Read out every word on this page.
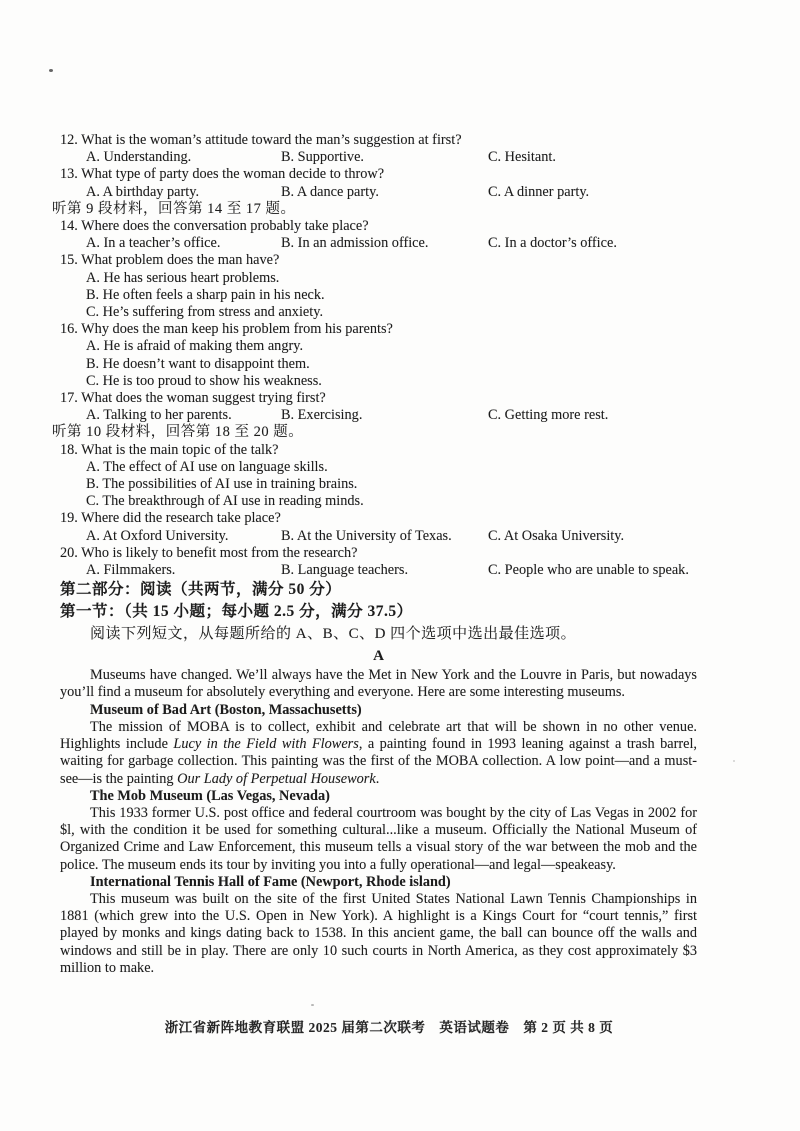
12. What is the woman’s attitude toward the man’s suggestion at first?
A. Understanding.	B. Supportive.	C. Hesitant.
13. What type of party does the woman decide to throw?
A. A birthday party.	B. A dance party.	C. A dinner party.
听第 9 段材料，回答第 14 至 17 题。
14. Where does the conversation probably take place?
A. In a teacher’s office.	B. In an admission office.	C. In a doctor’s office.
15. What problem does the man have?
A. He has serious heart problems.
B. He often feels a sharp pain in his neck.
C. He’s suffering from stress and anxiety.
16. Why does the man keep his problem from his parents?
A. He is afraid of making them angry.
B. He doesn’t want to disappoint them.
C. He is too proud to show his weakness.
17. What does the woman suggest trying first?
A. Talking to her parents.	B. Exercising.	C. Getting more rest.
听第 10 段材料，回答第 18 至 20 题。
18. What is the main topic of the talk?
A. The effect of AI use on language skills.
B. The possibilities of AI use in training brains.
C. The breakthrough of AI use in reading minds.
19. Where did the research take place?
A. At Oxford University.	B. At the University of Texas.	C. At Osaka University.
20. Who is likely to benefit most from the research?
A. Filmmakers.	B. Language teachers.	C. People who are unable to speak.
第二部分：阅读（共两节，满分 50 分）
第一节：（共 15 小题；每小题 2.5 分，满分 37.5）
阅读下列短文，从每题所给的 A、B、C、D 四个选项中选出最佳选项。
A
Museums have changed. We’ll always have the Met in New York and the Louvre in Paris, but nowadays you’ll find a museum for absolutely everything and everyone. Here are some interesting museums.
Museum of Bad Art (Boston, Massachusetts)
The mission of MOBA is to collect, exhibit and celebrate art that will be shown in no other venue. Highlights include Lucy in the Field with Flowers, a painting found in 1993 leaning against a trash barrel, waiting for garbage collection. This painting was the first of the MOBA collection. A low point—and a must-see—is the painting Our Lady of Perpetual Housework.
The Mob Museum (Las Vegas, Nevada)
This 1933 former U.S. post office and federal courtroom was bought by the city of Las Vegas in 2002 for $l, with the condition it be used for something cultural...like a museum. Officially the National Museum of Organized Crime and Law Enforcement, this museum tells a visual story of the war between the mob and the police. The museum ends its tour by inviting you into a fully operational—and legal—speakeasy.
International Tennis Hall of Fame (Newport, Rhode island)
This museum was built on the site of the first United States National Lawn Tennis Championships in 1881 (which grew into the U.S. Open in New York). A highlight is a Kings Court for “court tennis,” first played by monks and kings dating back to 1538. In this ancient game, the ball can bounce off the walls and windows and still be in play. There are only 10 such courts in North America, as they cost approximately $3 million to make.
浙江省新阵地教育联盟 2025 届第二次联考　英语试题卷　第 2 页 共 8 页
